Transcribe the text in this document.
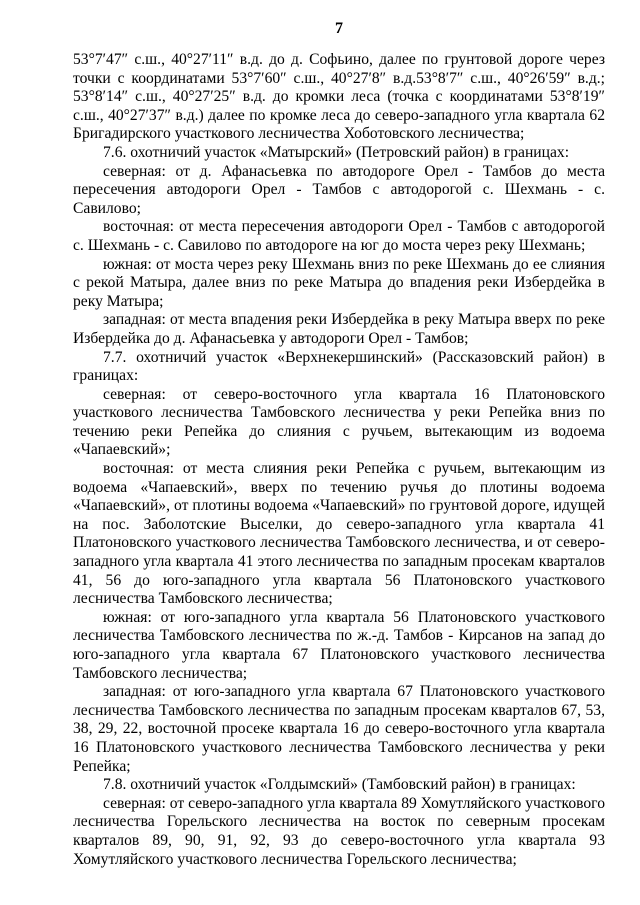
7

53°7′47″ с.ш., 40°27′11″ в.д. до д. Софьино, далее по грунтовой дороге через точки с координатами 53°7′60″ с.ш., 40°27′8″ в.д.53°8′7″ с.ш., 40°26′59″ в.д.; 53°8′14″ с.ш., 40°27′25″ в.д. до кромки леса (точка с координатами 53°8′19″ с.ш., 40°27′37″ в.д.) далее по кромке леса до северо-западного угла квартала 62 Бригадирского участкового лесничества Хоботовского лесничества;

7.6. охотничий участок «Матырский» (Петровский район) в границах:

северная: от д. Афанасьевка по автодороге Орел - Тамбов до места пересечения автодороги Орел - Тамбов с автодорогой с. Шехмань - с. Савилово;

восточная: от места пересечения автодороги Орел - Тамбов с автодорогой с. Шехмань - с. Савилово по автодороге на юг до моста через реку Шехмань;

южная: от моста через реку Шехмань вниз по реке Шехмань до ее слияния с рекой Матыра, далее вниз по реке Матыра до впадения реки Избердейка в реку Матыра;

западная: от места впадения реки Избердейка в реку Матыра вверх по реке Избердейка до д. Афанасьевка у автодороги Орел - Тамбов;

7.7. охотничий участок «Верхнекершинский» (Рассказовский район) в границах:

северная: от северо-восточного угла квартала 16 Платоновского участкового лесничества Тамбовского лесничества у реки Репейка вниз по течению реки Репейка до слияния с ручьем, вытекающим из водоема «Чапаевский»;

восточная: от места слияния реки Репейка с ручьем, вытекающим из водоема «Чапаевский», вверх по течению ручья до плотины водоема «Чапаевский», от плотины водоема «Чапаевский» по грунтовой дороге, идущей на пос. Заболотские Выселки, до северо-западного угла квартала 41 Платоновского участкового лесничества Тамбовского лесничества, и от северо-западного угла квартала 41 этого лесничества по западным просекам кварталов 41, 56 до юго-западного угла квартала 56 Платоновского участкового лесничества Тамбовского лесничества;

южная: от юго-западного угла квартала 56 Платоновского участкового лесничества Тамбовского лесничества по ж.-д. Тамбов - Кирсанов на запад до юго-западного угла квартала 67 Платоновского участкового лесничества Тамбовского лесничества;

западная: от юго-западного угла квартала 67 Платоновского участкового лесничества Тамбовского лесничества по западным просекам кварталов 67, 53, 38, 29, 22, восточной просеке квартала 16 до северо-восточного угла квартала 16 Платоновского участкового лесничества Тамбовского лесничества у реки Репейка;

7.8. охотничий участок «Голдымский» (Тамбовский район) в границах:

северная: от северо-западного угла квартала 89 Хомутляйского участкового лесничества Горельского лесничества на восток по северным просекам кварталов 89, 90, 91, 92, 93 до северо-восточного угла квартала 93 Хомутляйского участкового лесничества Горельского лесничества;
